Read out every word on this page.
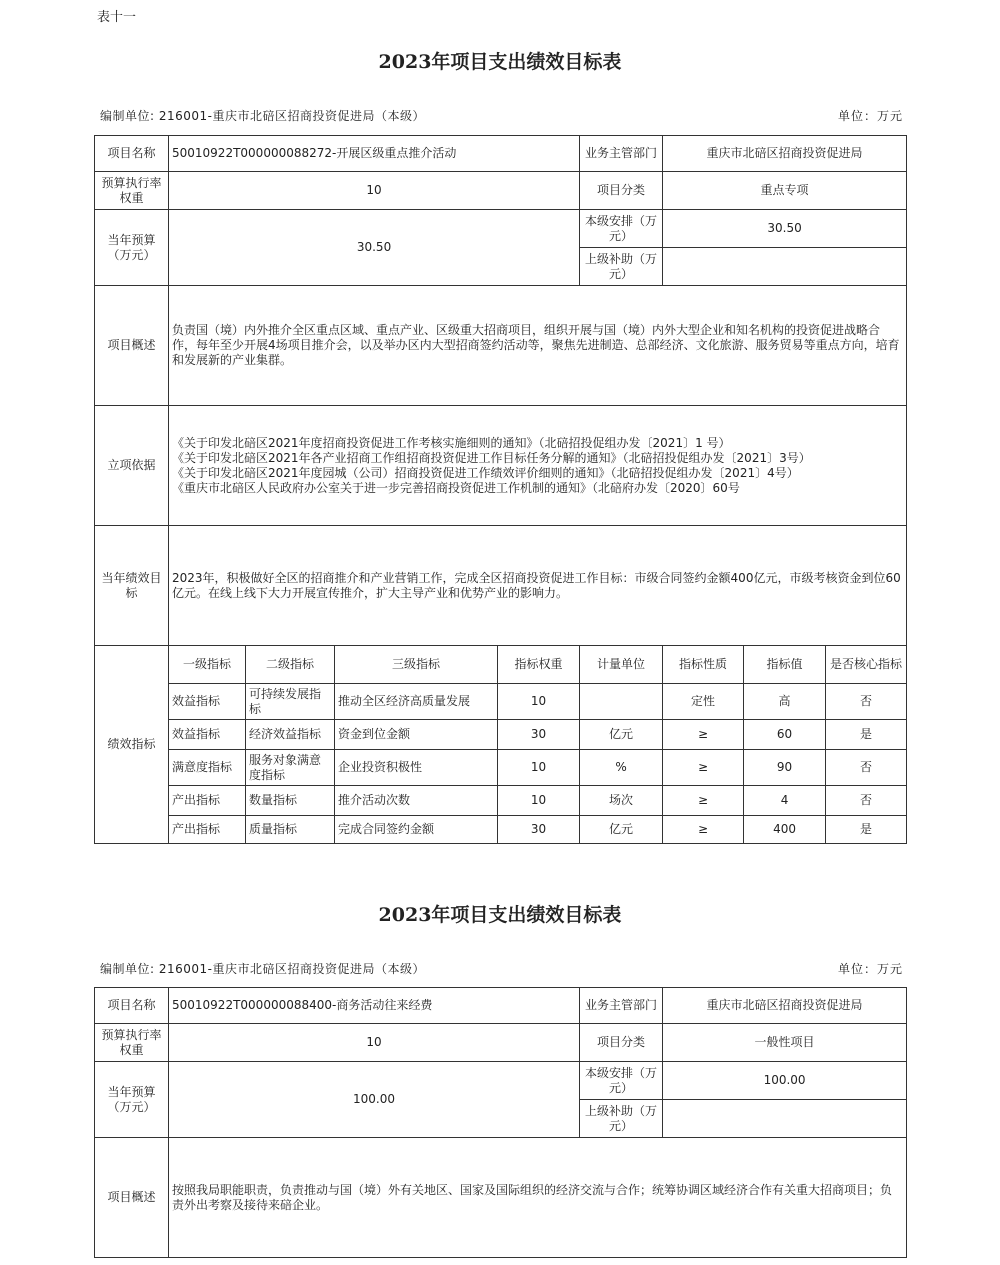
表十一
2023年项目支出绩效目标表
编制单位: 216001-重庆市北碚区招商投资促进局（本级）	单位：万元
项目名称	50010922T000000088272-开展区级重点推介活动				业务主管部门	重庆市北碚区招商投资促进局		
预算执行率权重	10				项目分类	重点专项		
当年预算（万元）	30.50				本级安排（万元）	30.50		
					上级补助（万元）			
项目概述	负责国（境）内外推介全区重点区域、重点产业、区级重大招商项目，组织开展与国（境）内外大型企业和知名机构的投资促进战略合作，每年至少开展4场项目推介会，以及举办区内大型招商签约活动等，聚焦先进制造、总部经济、文化旅游、服务贸易等重点方向，培育和发展新的产业集群。							
立项依据	《关于印发北碚区2021年度招商投资促进工作考核实施细则的通知》（北碚招投促组办发〔2021〕1 号）
《关于印发北碚区2021年各产业招商工作组招商投资促进工作目标任务分解的通知》（北碚招投促组办发〔2021〕3号）
《关于印发北碚区2021年度园城（公司）招商投资促进工作绩效评价细则的通知》（北碚招投促组办发〔2021〕4号）
《重庆市北碚区人民政府办公室关于进一步完善招商投资促进工作机制的通知》（北碚府办发〔2020〕60号							

当年绩效目标	2023年，积极做好全区的招商推介和产业营销工作，完成全区招商投资促进工作目标：市级合同签约金额400亿元，市级考核资金到位60亿元。在线上线下大力开展宣传推介，扩大主导产业和优势产业的影响力。							
绩效指标	一级指标	二级指标	三级指标	指标权重	计量单位	指标性质	指标值	是否核心指标
	效益指标	可持续发展指标	推动全区经济高质量发展	10		定性	高	否
	效益指标	经济效益指标	资金到位金额	30	亿元	≥	60	是
	满意度指标	服务对象满意度指标	企业投资积极性	10	%	≥	90	否
	产出指标	数量指标	推介活动次数	10	场次	≥	4	否
	产出指标	质量指标	完成合同签约金额	30	亿元	≥	400	是
2023年项目支出绩效目标表
编制单位: 216001-重庆市北碚区招商投资促进局（本级）	单位：万元
项目名称	50010922T000000088400-商务活动往来经费	业务主管部门	重庆市北碚区招商投资促进局
预算执行率权重	10	项目分类	一般性项目
当年预算（万元）	100.00	本级安排（万元）	100.00
		上级补助（万元）	
项目概述	按照我局职能职责，负责推动与国（境）外有关地区、国家及国际组织的经济交流与合作；统筹协调区域经济合作有关重大招商项目；负责外出考察及接待来碚企业。		
